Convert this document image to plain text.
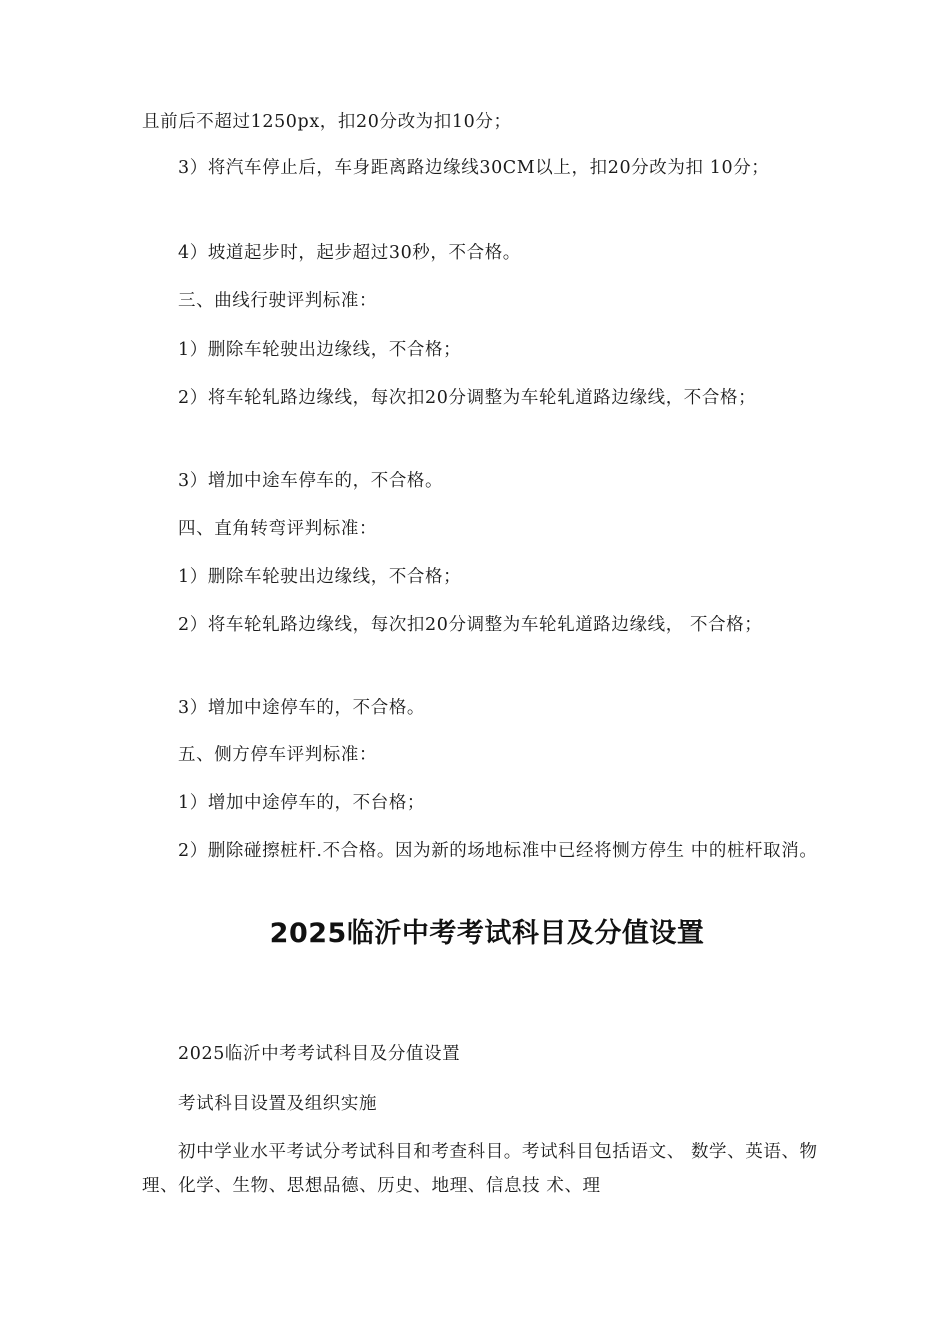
且前后不超过1250px，扣20分改为扣10分；

3）将汽车停止后，车身距离路边缘线30CM以上，扣20分改为扣 10分；

4）坡道起步时，起步超过30秒，不合格。

三、曲线行驶评判标准：

1）删除车轮驶出边缘线，不合格；

2）将车轮轧路边缘线，每次扣20分调整为车轮轧道路边缘线，不合格；

3）增加中途车停车的，不合格。

四、直角转弯评判标准：

1）删除车轮驶出边缘线，不合格；

2）将车轮轧路边缘线，每次扣20分调整为车轮轧道路边缘线， 不合格；

3）增加中途停车的，不合格。

五、侧方停车评判标准：

1）增加中途停车的，不台格；

2）删除碰擦桩杆.不合格。因为新的场地标准中已经将恻方停生 中的桩杆取消。

2025临沂中考考试科目及分值设置

2025临沂中考考试科目及分值设置

考试科目设置及组织实施

初中学业水平考试分考试科目和考查科目。考试科目包括语文、 数学、英语、物理、化学、生物、思想品德、历史、地理、信息技 术、理
